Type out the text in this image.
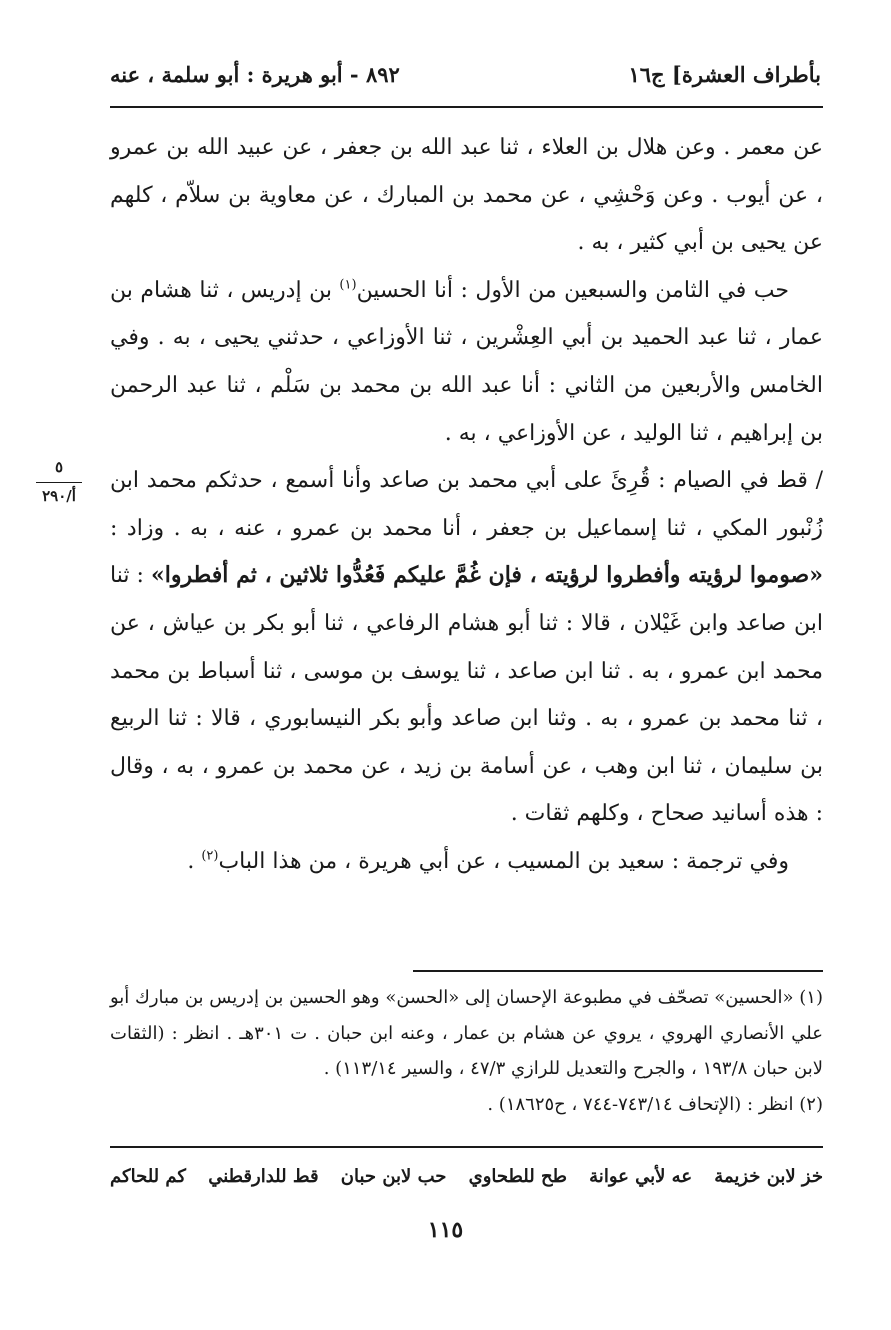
بأطراف العشرة] ج١٦
٨٩٢ - أبو هريرة : أبو سلمة ، عنه

عن معمر . وعن هلال بن العلاء ، ثنا عبد الله بن جعفر ، عن عبيد الله بن عمرو ، عن أيوب . وعن وَحْشِي ، عن محمد بن المبارك ، عن معاوية بن سلاّم ، كلهم عن يحيى بن أبي كثير ، به .

حب في الثامن والسبعين من الأول : أنا الحسين$^{(١)}$ بن إدريس ، ثنا هشام بن عمار ، ثنا عبد الحميد بن أبي العِشْرين ، ثنا الأوزاعي ، حدثني يحيى ، به . وفي الخامس والأربعين من الثاني : أنا عبد الله بن محمد بن سَلْم ، ثنا عبد الرحمن بن إبراهيم ، ثنا الوليد ، عن الأوزاعي ، به .

/ قط في الصيام : قُرِئَ على أبي محمد بن صاعد وأنا أسمع ، حدثكم محمد ابن زُنْبور المكي ، ثنا إسماعيل بن جعفر ، أنا محمد بن عمرو ، عنه ، به . وزاد : «صوموا لرؤيته وأفطروا لرؤيته ، فإن غُمَّ عليكم فَعُدُّوا ثلاثين ، ثم أفطروا» : ثنا ابن صاعد وابن غَيْلان ، قالا : ثنا أبو هشام الرفاعي ، ثنا أبو بكر بن عياش ، عن محمد ابن عمرو ، به . ثنا ابن صاعد ، ثنا يوسف بن موسى ، ثنا أسباط بن محمد ، ثنا محمد بن عمرو ، به . وثنا ابن صاعد وأبو بكر النيسابوري ، قالا : ثنا الربيع بن سليمان ، ثنا ابن وهب ، عن أسامة بن زيد ، عن محمد بن عمرو ، به ، وقال : هذه أسانيد صحاح ، وكلهم ثقات .

وفي ترجمة : سعيد بن المسيب ، عن أبي هريرة ، من هذا الباب$^{(٢)}$ .

٥
أ/٢٩٠

(١) «الحسين» تصحّف في مطبوعة الإحسان إلى «الحسن» وهو الحسين بن إدريس بن مبارك أبو علي الأنصاري الهروي ، يروي عن هشام بن عمار ، وعنه ابن حبان . ت ٣٠١هـ . انظر : (الثقات لابن حبان ١٩٣/٨ ، والجرح والتعديل للرازي ٤٧/٣ ، والسير ١١٣/١٤) .

(٢) انظر : (الإتحاف ٧٤٣/١٤-٧٤٤ ، ح١٨٦٢٥) .

خز لابن خزيمة
عه لأبي عوانة
طح للطحاوي
حب لابن حبان
قط للدارقطني
كم للحاكم
١١٥
